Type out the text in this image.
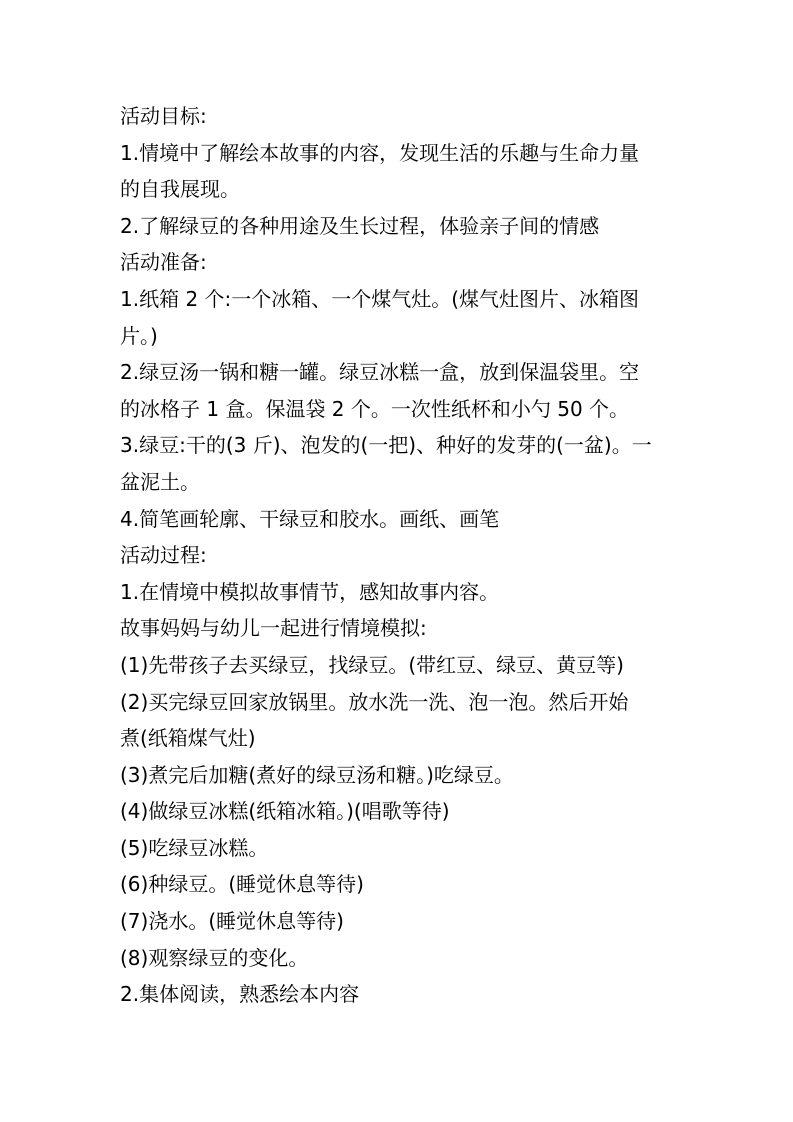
活动目标:
1.情境中了解绘本故事的内容，发现生活的乐趣与生命力量
的自我展现。
2.了解绿豆的各种用途及生长过程，体验亲子间的情感
活动准备:
1.纸箱 2 个:一个冰箱、一个煤气灶。(煤气灶图片、冰箱图
片。)
2.绿豆汤一锅和糖一罐。绿豆冰糕一盒，放到保温袋里。空
的冰格子 1 盒。保温袋 2 个。一次性纸杯和小勺 50 个。
3.绿豆:干的(3 斤)、泡发的(一把)、种好的发芽的(一盆)。一
盆泥土。
4.简笔画轮廓、干绿豆和胶水。画纸、画笔
活动过程:
1.在情境中模拟故事情节，感知故事内容。
故事妈妈与幼儿一起进行情境模拟:
(1)先带孩子去买绿豆，找绿豆。(带红豆、绿豆、黄豆等)
(2)买完绿豆回家放锅里。放水洗一洗、泡一泡。然后开始
煮(纸箱煤气灶)
(3)煮完后加糖(煮好的绿豆汤和糖。)吃绿豆。
(4)做绿豆冰糕(纸箱冰箱。)(唱歌等待)
(5)吃绿豆冰糕。
(6)种绿豆。(睡觉休息等待)
(7)浇水。(睡觉休息等待)
(8)观察绿豆的变化。
2.集体阅读，熟悉绘本内容
